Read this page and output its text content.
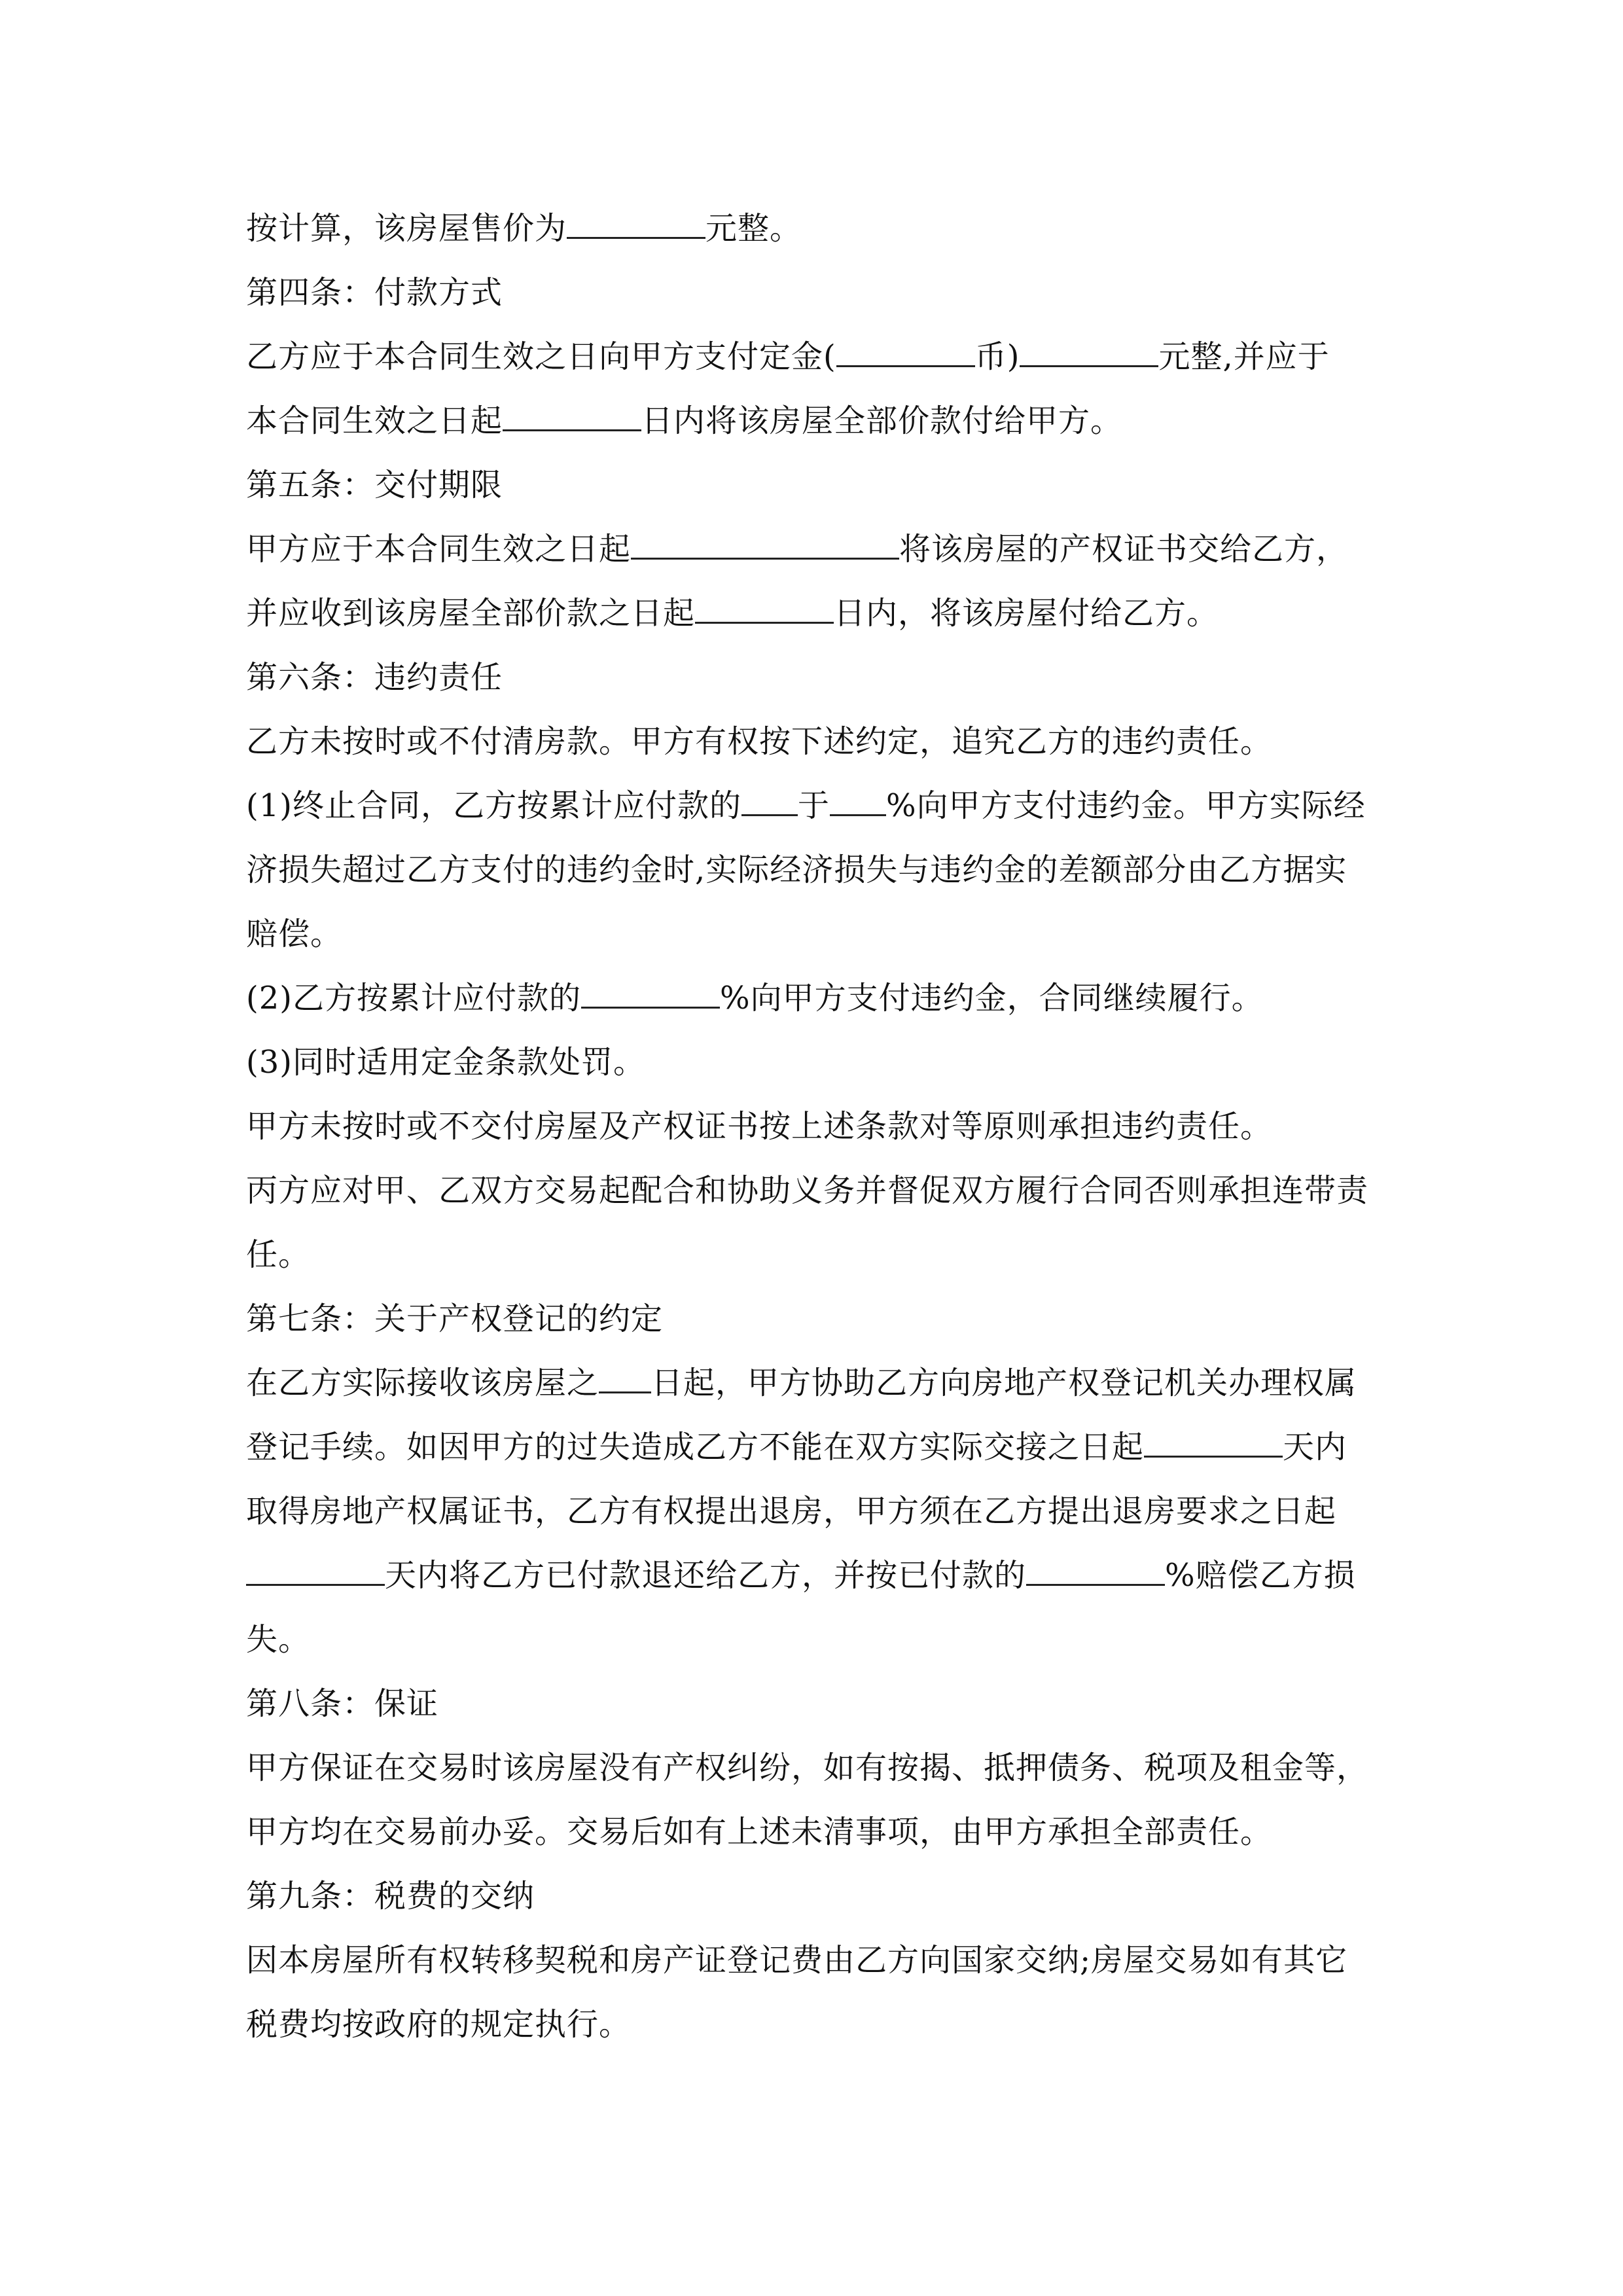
按计算，该房屋售价为	元整。
第四条：付款方式
乙方应于本合同生效之日向甲方支付定金(	币)	元整,并应于
本合同生效之日起	日内将该房屋全部价款付给甲方。
第五条：交付期限
甲方应于本合同生效之日起	将该房屋的产权证书交给乙方，
并应收到该房屋全部价款之日起	日内，将该房屋付给乙方。
第六条：违约责任
乙方未按时或不付清房款。甲方有权按下述约定，追究乙方的违约责任。
(1)终止合同，乙方按累计应付款的 于 %向甲方支付违约金。甲方实际经
济损失超过乙方支付的违约金时,实际经济损失与违约金的差额部分由乙方据实
赔偿。
(2)乙方按累计应付款的	%向甲方支付违约金，合同继续履行。
(3)同时适用定金条款处罚。
甲方未按时或不交付房屋及产权证书按上述条款对等原则承担违约责任。
丙方应对甲、乙双方交易起配合和协助义务并督促双方履行合同否则承担连带责
任。
第七条：关于产权登记的约定
在乙方实际接收该房屋之 日起，甲方协助乙方向房地产权登记机关办理权属
登记手续。如因甲方的过失造成乙方不能在双方实际交接之日起	天内
取得房地产权属证书，乙方有权提出退房，甲方须在乙方提出退房要求之日起
天内将乙方已付款退还给乙方，并按已付款的	%赔偿乙方损
失。
第八条：保证
甲方保证在交易时该房屋没有产权纠纷，如有按揭、抵押债务、税项及租金等，
甲方均在交易前办妥。交易后如有上述未清事项，由甲方承担全部责任。
第九条：税费的交纳
因本房屋所有权转移契税和房产证登记费由乙方向国家交纳;房屋交易如有其它
税费均按政府的规定执行。
